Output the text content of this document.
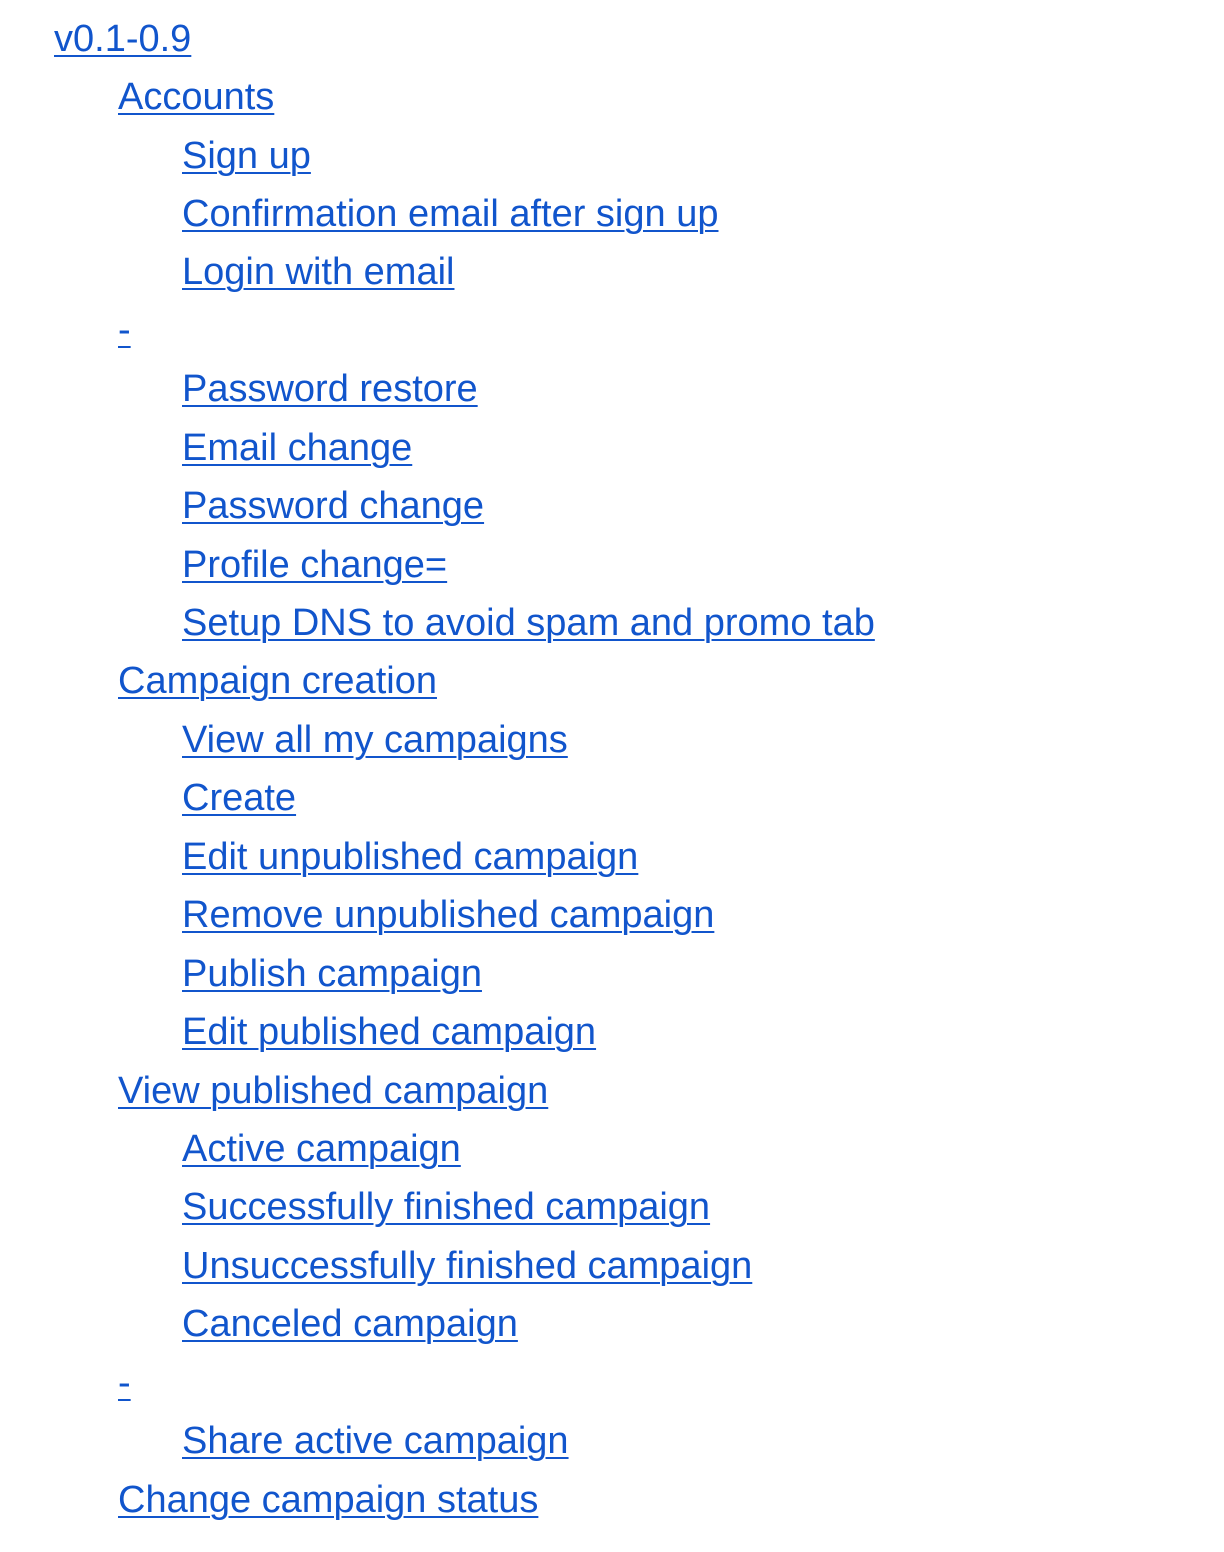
v0.1-0.9
Accounts
Sign up
Confirmation email after sign up
Login with email
-
Password restore
Email change
Password change
Profile change=
Setup DNS to avoid spam and promo tab
Campaign creation
View all my campaigns
Create
Edit unpublished campaign
Remove unpublished campaign
Publish campaign
Edit published campaign
View published campaign
Active campaign
Successfully finished campaign
Unsuccessfully finished campaign
Canceled campaign
-
Share active campaign
Change campaign status
